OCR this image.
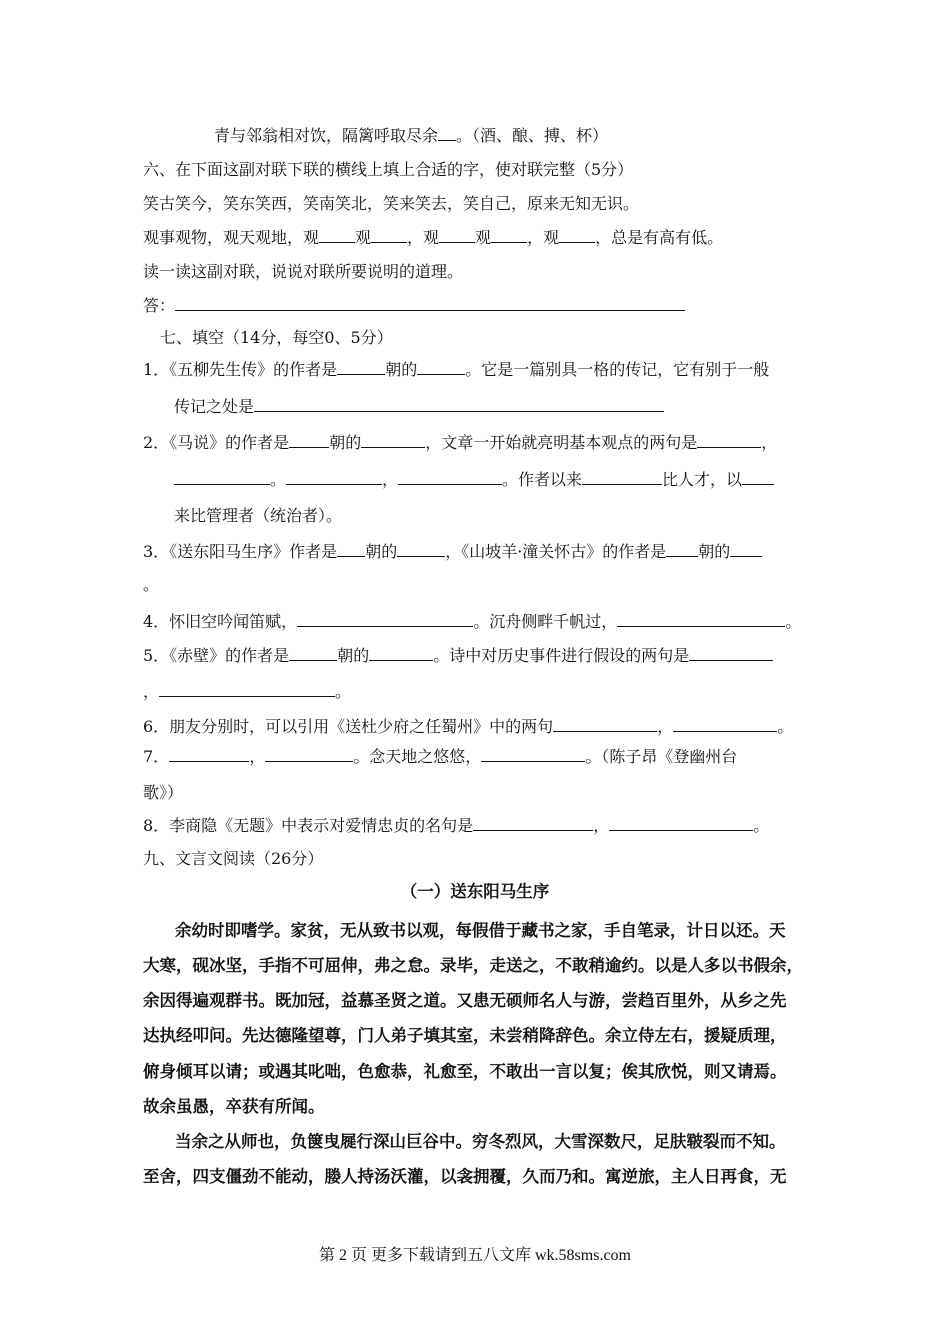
青与邻翁相对饮，隔篱呼取尽余 。（酒、酿、搏、杯）
六、在下面这副对联下联的横线上填上合适的字，使对联完整（5分）
笑古笑今，笑东笑西，笑南笑北，笑来笑去，笑自己，原来无知无识。
观事观物，观天观地，观 观 ，观 观 ，观 ，总是有高有低。
读一读这副对联，说说对联所要说明的道理。
答：
七、填空（14分，每空0、5分）
1．《五柳先生传》的作者是	朝的	。它是一篇别具一格的传记，它有别于一般
传记之处是
2．《马说》的作者是	朝的	，文章一开始就亮明基本观点的两句是	，
。	，	。作者以来	比人才，以
来比管理者（统治者）。
3．《送东阳马生序》作者是 朝的	，《山坡羊·潼关怀古》的作者是 朝的
。
4．怀旧空吟闻笛赋，	。沉舟侧畔千帆过，	。
5．《赤壁》的作者是	朝的	。诗中对历史事件进行假设的两句是
，	。
6．朋友分别时，可以引用《送杜少府之任蜀州》中的两句	，	。
7．	，	。念天地之悠悠，	。（陈子昂《登幽州台
歌》）
8．李商隐《无题》中表示对爱情忠贞的名句是	，	。
九、文言文阅读（26分）
（一）送东阳马生序
余幼时即嗜学。家贫，无从致书以观，每假借于藏书之家，手自笔录，计日以还。天
大寒，砚冰坚，手指不可屈伸，弗之怠。录毕，走送之，不敢稍逾约。以是人多以书假余，
余因得遍观群书。既加冠，益慕圣贤之道。又患无硕师名人与游，尝趋百里外，从乡之先
达执经叩问。先达德隆望尊，门人弟子填其室，未尝稍降辞色。余立侍左右，援疑质理，
俯身倾耳以请；或遇其叱咄，色愈恭，礼愈至，不敢出一言以复；俟其欣悦，则又请焉。
故余虽愚，卒获有所闻。
当余之从师也，负箧曳屣行深山巨谷中。穷冬烈风，大雪深数尺，足肤皲裂而不知。
至舍，四支僵劲不能动，媵人持汤沃灌，以衾拥覆，久而乃和。寓逆旅，主人日再食，无
第 2 页 更多下载请到五八文库 wk.58sms.com
